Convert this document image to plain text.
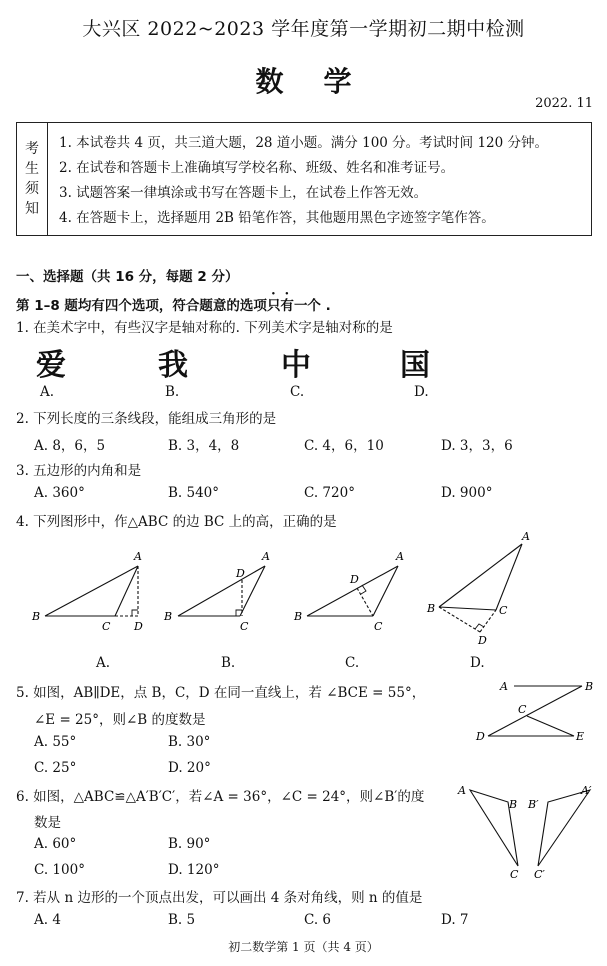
大兴区 2022~2023 学年度第一学期初二期中检测
数学
2022. 11
考
生
须
知
1. 本试卷共 4 页，共三道大题，28 道小题。满分 100 分。考试时间 120 分钟。
2. 在试卷和答题卡上准确填写学校名称、班级、姓名和准考证号。
3. 试题答案一律填涂或书写在答题卡上，在试卷上作答无效。
4. 在答题卡上，选择题用 2B 铅笔作答，其他题用黑色字迹签字笔作答。
一、选择题（共 16 分，每题 2 分）
第 1–8 题均有四个选项，符合题意的选项只有一个 .
1. 在美术字中，有些汉字是轴对称的. 下列美术字是轴对称的是
爱	我	中	国
A.	B.	C.	D.
2. 下列长度的三条线段，能组成三角形的是
A. 8，6，5	B. 3，4，8	C. 4，6，10	D. 3，3，6
3. 五边形的内角和是
A. 360°	B. 540°	C. 720°	D. 900°
4. 下列图形中，作△ABC 的边 BC 上的高，正确的是
A
B
C D
A
B
D
C
A
B
D
C
A
B	C
D
A.	B.	C.	D.
5. 如图，AB∥DE，点 B，C，D 在同一直线上，若 ∠BCE = 55°，
∠E = 25°，则∠B 的度数是
A. 55°	B. 30°
C. 25°	D. 20°
A	B
C
D	E
6. 如图，△ABC≌△A′B′C′，若∠A = 36°，∠C = 24°，则∠B′的度
数是
A. 60°	B. 90°
C. 100°	D. 120°
A
B
C
A′
B′
C′
7. 若从 n 边形的一个顶点出发，可以画出 4 条对角线，则 n 的值是
A. 4	B. 5	C. 6	D. 7
初二数学第 1 页（共 4 页）
